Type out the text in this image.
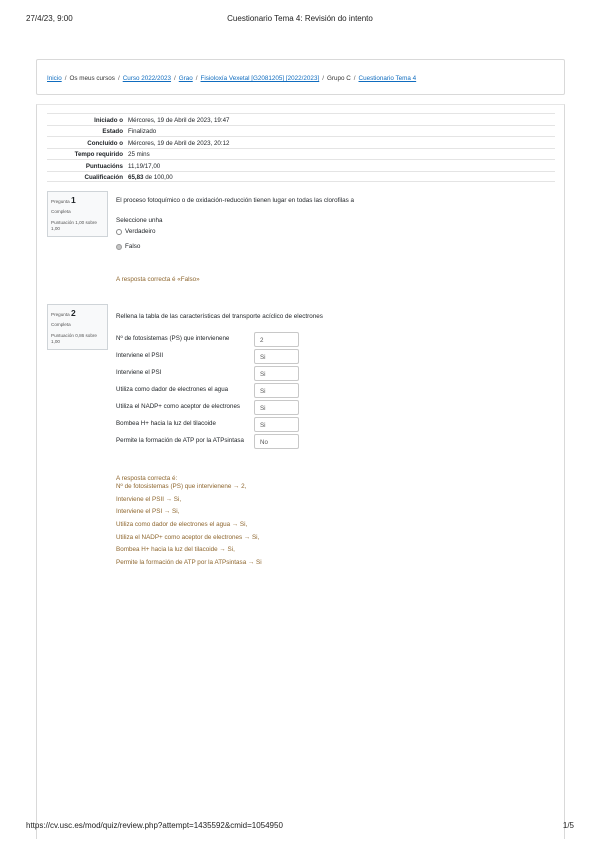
27/4/23, 9:00	Cuestionario Tema 4: Revisión do intento
Inicio / Os meus cursos / Curso 2022/2023 / Grao / Fisioloxía Vexetal [G2081205] [2022/2023] / Grupo C / Cuestionario Tema 4
Iniciado o Mércores, 19 de Abril de 2023, 19:47
Estado Finalizado
Concluído o Mércores, 19 de Abril de 2023, 20:12
Tempo requirido 25 mins
Puntuacións 11,19/17,00
Cualificación 65,83 de 100,00
Pregunta 1
Completa
Puntuación 1,00 sobre 1,00
El proceso fotoquímico o de oxidación-reducción tienen lugar en todas las clorofilas a
Seleccione unha
Verdadeiro
Falso
A resposta correcta é «Falso»
Pregunta 2
Completa
Puntuación 0,86 sobre 1,00
Rellena la tabla de las características del transporte acíclico de electrones
Nº de fotosistemas (PS) que intervienene	2
Interviene el PSII	Si
Interviene el PSI	Si
Utiliza como dador de electrones el agua	Si
Utiliza el NADP+ como aceptor de electrones	Si
Bombea H+ hacia la luz del tilacoide	Si
Permite la formación de ATP por la ATPsintasa	No
A resposta correcta é:
Nº de fotosistemas (PS) que intervienene → 2,
Interviene el PSII → Si,
Interviene el PSI → Si,
Utiliza como dador de electrones el agua → Si,
Utiliza el NADP+ como aceptor de electrones → Si,
Bombea H+ hacia la luz del tilacoide → Si,
Permite la formación de ATP por la ATPsintasa → Si
https://cv.usc.es/mod/quiz/review.php?attempt=1435592&cmid=1054950	1/5
